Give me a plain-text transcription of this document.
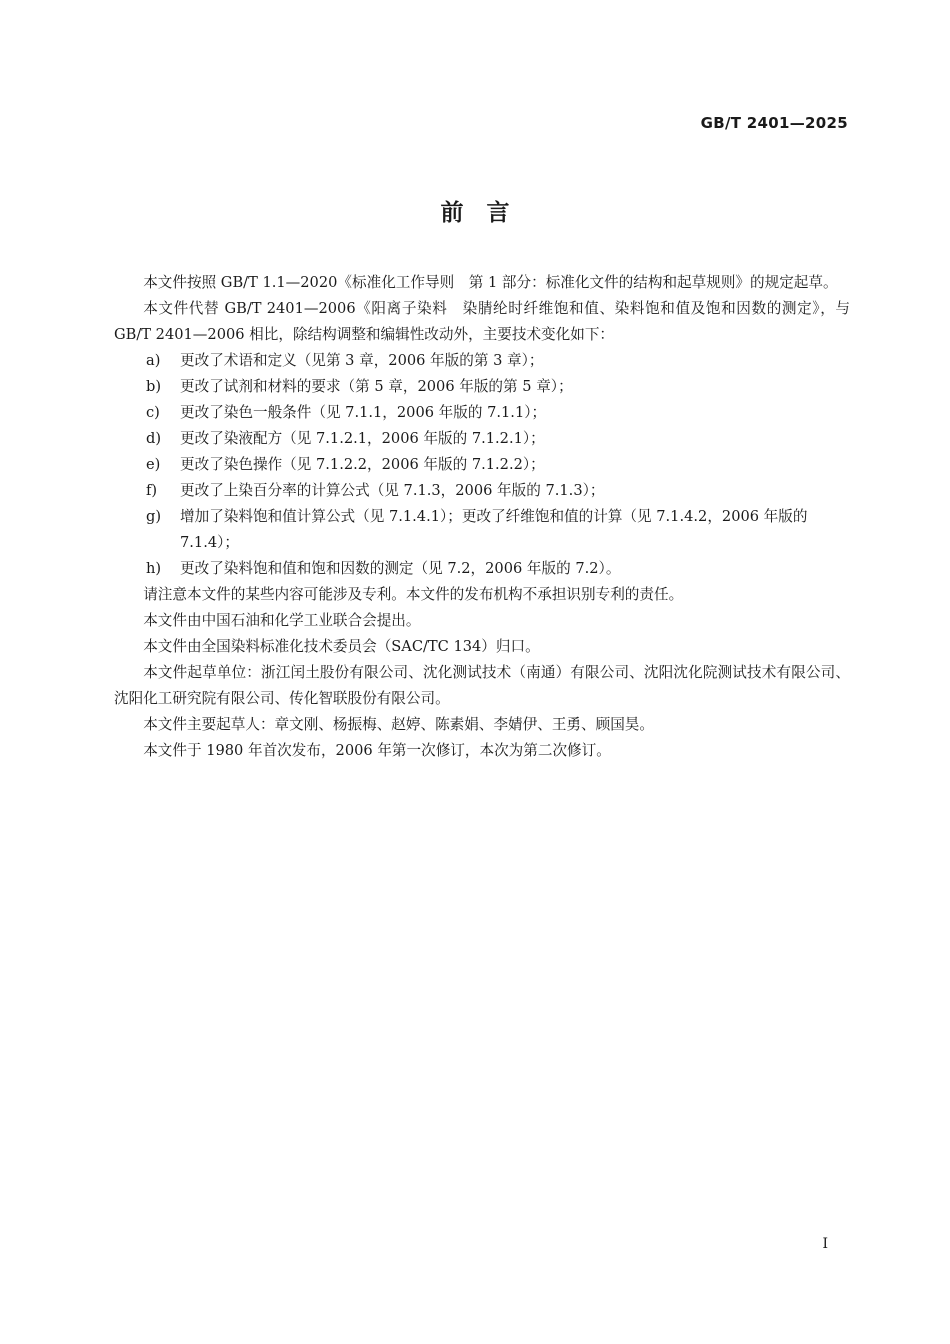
GB/T 2401—2025
前　言

本文件按照 GB/T 1.1—2020《标准化工作导则　第 1 部分：标准化文件的结构和起草规则》的规定起草。

本文件代替 GB/T 2401—2006《阳离子染料　染腈纶时纤维饱和值、染料饱和值及饱和因数的测定》，与 GB/T 2401—2006 相比，除结构调整和编辑性改动外，主要技术变化如下：

a)	更改了术语和定义（见第 3 章，2006 年版的第 3 章）；
b)	更改了试剂和材料的要求（第 5 章，2006 年版的第 5 章）；
c)	更改了染色一般条件（见 7.1.1，2006 年版的 7.1.1）；
d)	更改了染液配方（见 7.1.2.1，2006 年版的 7.1.2.1）；
e)	更改了染色操作（见 7.1.2.2，2006 年版的 7.1.2.2）；
f)	更改了上染百分率的计算公式（见 7.1.3，2006 年版的 7.1.3）；
g)	增加了染料饱和值计算公式（见 7.1.4.1）；更改了纤维饱和值的计算（见 7.1.4.2，2006 年版的 7.1.4）；
h)	更改了染料饱和值和饱和因数的测定（见 7.2，2006 年版的 7.2）。

请注意本文件的某些内容可能涉及专利。本文件的发布机构不承担识别专利的责任。

本文件由中国石油和化学工业联合会提出。

本文件由全国染料标准化技术委员会（SAC/TC 134）归口。

本文件起草单位：浙江闰土股份有限公司、沈化测试技术（南通）有限公司、沈阳沈化院测试技术有限公司、沈阳化工研究院有限公司、传化智联股份有限公司。

本文件主要起草人：章文刚、杨振梅、赵婷、陈素娟、李婧伊、王勇、顾国昊。

本文件于 1980 年首次发布，2006 年第一次修订，本次为第二次修订。

I
